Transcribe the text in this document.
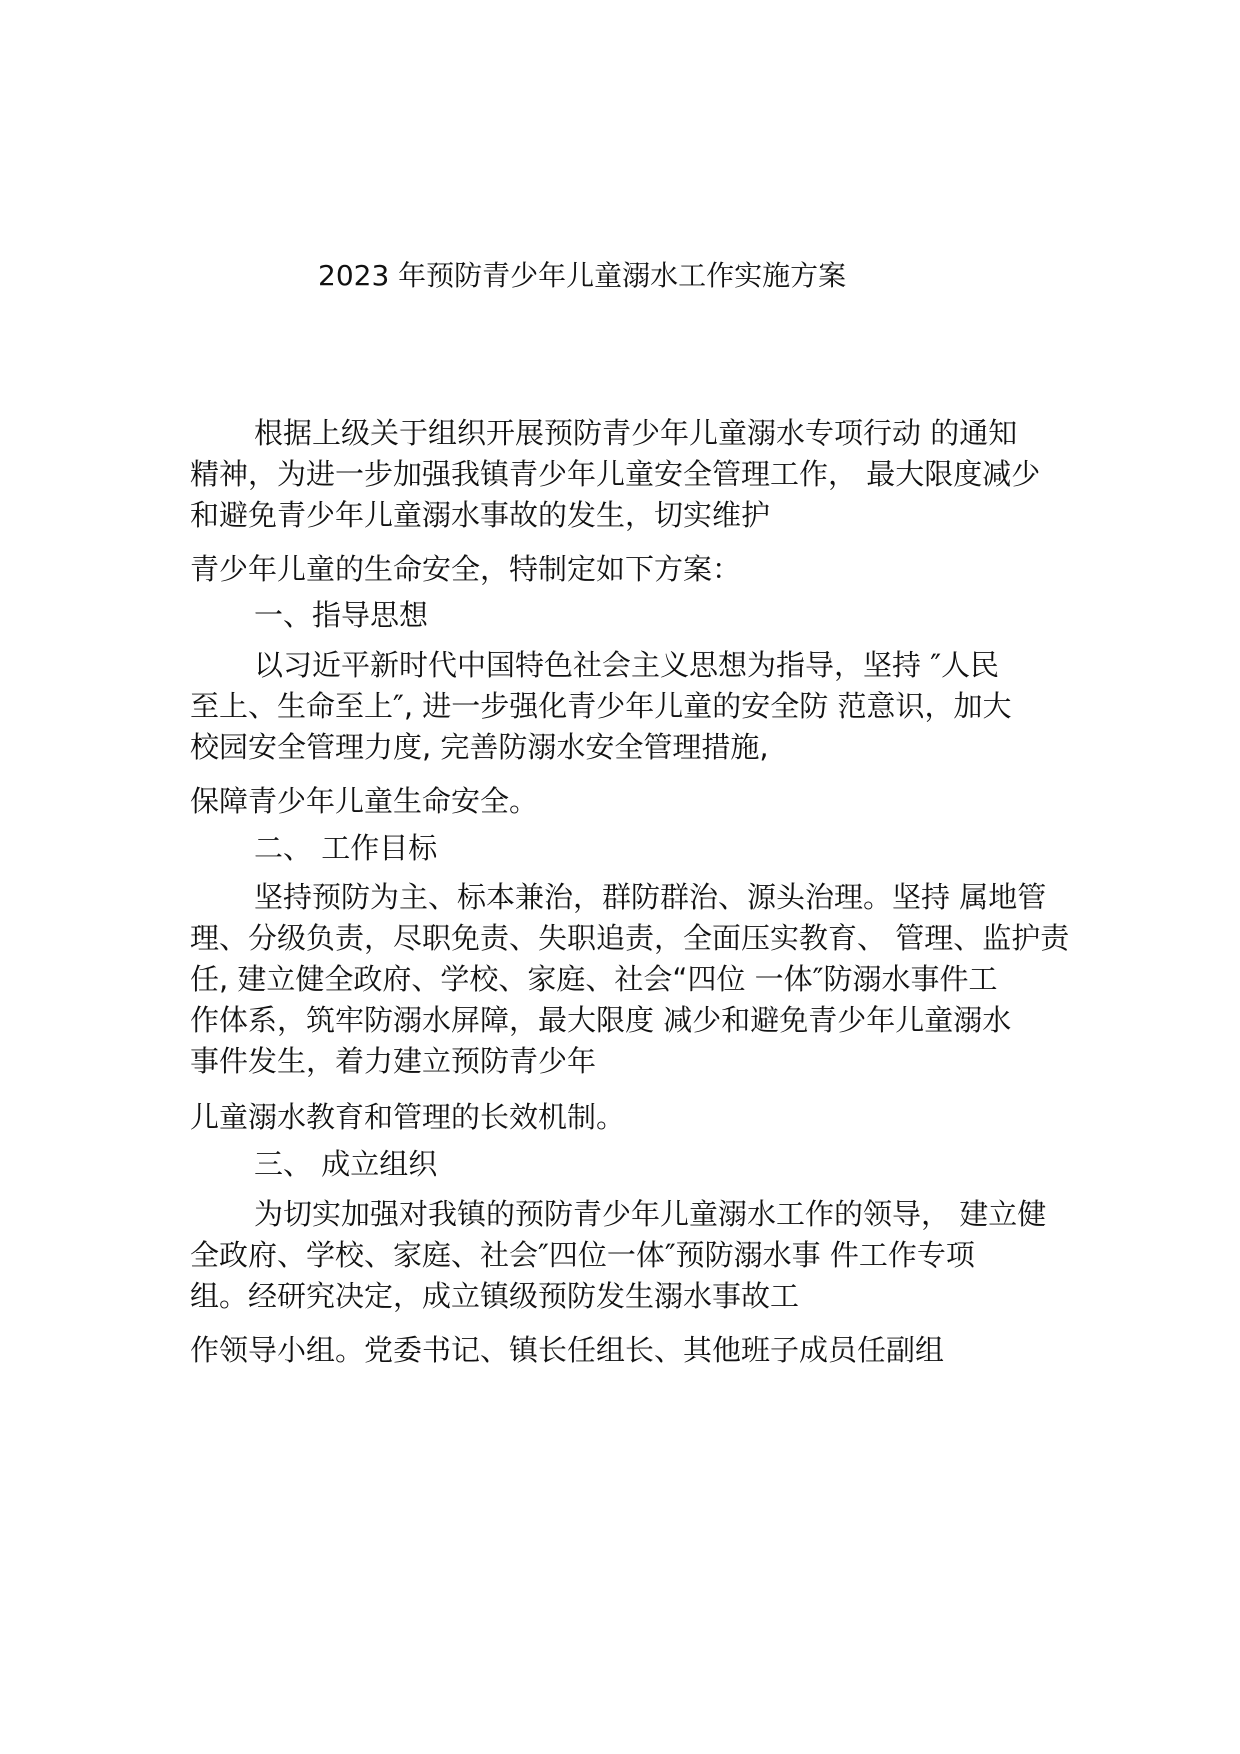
2023 年预防青少年儿童溺水工作实施方案
根据上级关于组织开展预防青少年儿童溺水专项行动 的通知
精神，为进一步加强我镇青少年儿童安全管理工作， 最大限度减少
和避免青少年儿童溺水事故的发生，切实维护
青少年儿童的生命安全，特制定如下方案：
一、指导思想
以习近平新时代中国特色社会主义思想为指导，坚持 ″人民
至上、生命至上″, 进一步强化青少年儿童的安全防 范意识，加大
校园安全管理力度, 完善防溺水安全管理措施,
保障青少年儿童生命安全。
二、 工作目标
坚持预防为主、标本兼治，群防群治、源头治理。坚持 属地管
理、分级负责，尽职免责、失职追责，全面压实教育、 管理、监护责
任, 建立健全政府、学校、家庭、社会“四位 一体″防溺水事件工
作体系，筑牢防溺水屏障，最大限度 减少和避免青少年儿童溺水
事件发生，着力建立预防青少年
儿童溺水教育和管理的长效机制。
三、 成立组织
为切实加强对我镇的预防青少年儿童溺水工作的领导， 建立健
全政府、学校、家庭、社会″四位一体″预防溺水事 件工作专项
组。经研究决定，成立镇级预防发生溺水事故工
作领导小组。党委书记、镇长任组长、其他班子成员任副组
